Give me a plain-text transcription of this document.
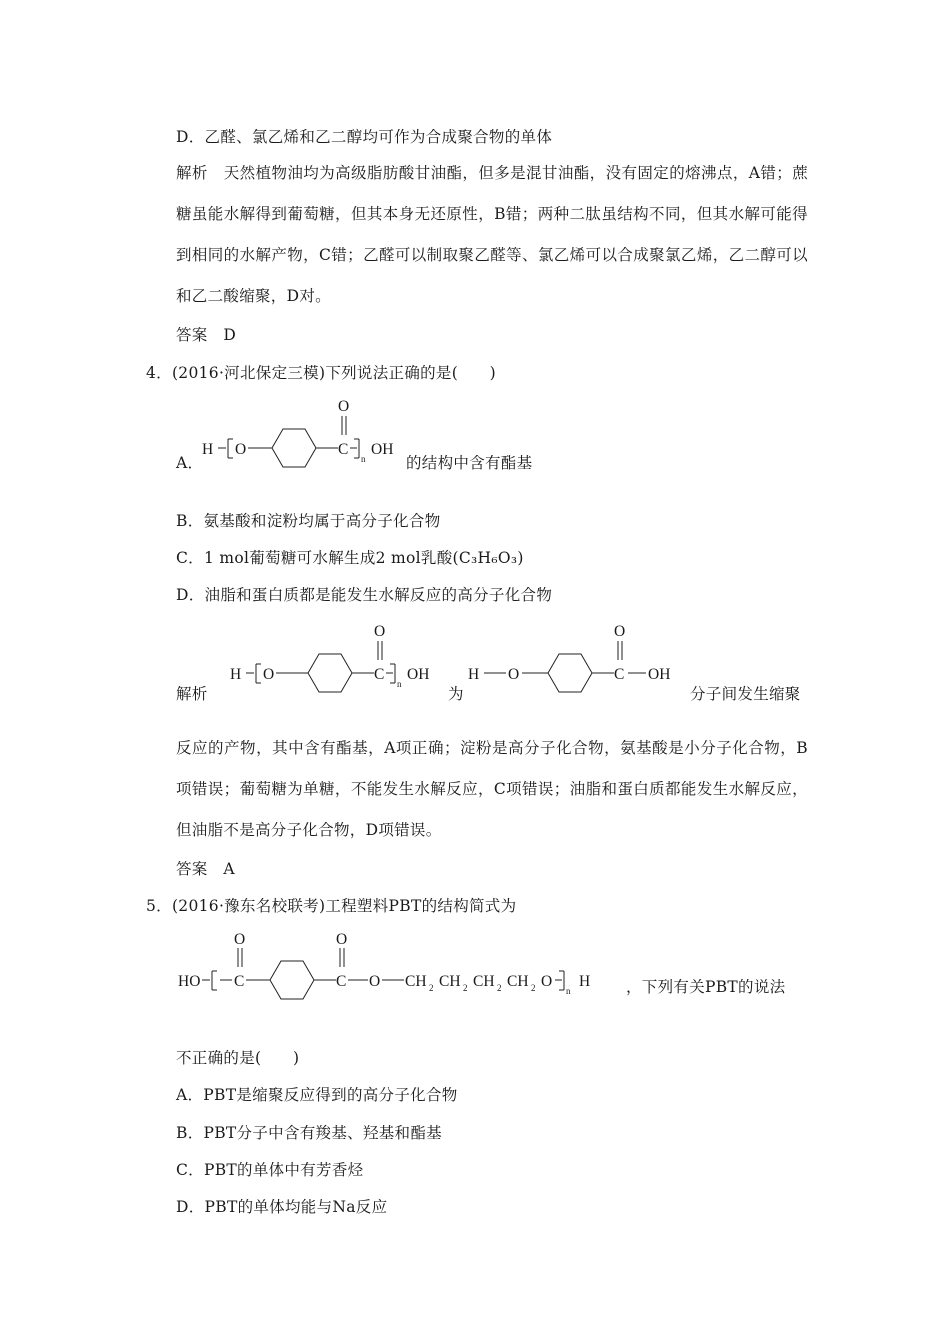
D．乙醛、氯乙烯和乙二醇均可作为合成聚合物的单体
解析　天然植物油均为高级脂肪酸甘油酯，但多是混甘油酯，没有固定的熔沸点，A错；蔗糖虽能水解得到葡萄糖，但其本身无还原性，B错；两种二肽虽结构不同，但其水解可能得到相同的水解产物，C错；乙醛可以制取聚乙醛等、氯乙烯可以合成聚氯乙烯，乙二醇可以和乙二酸缩聚，D对。
答案　D
4．(2016·河北保定三模)下列说法正确的是(　　)
A．
H O	C
O
n
OH
的结构中含有酯基
B．氨基酸和淀粉均属于高分子化合物
C．1 mol葡萄糖可水解生成2 mol乳酸(C₃H₆O₃)
D．油脂和蛋白质都是能发生水解反应的高分子化合物
解析
H O	C
O
n
OH
为
H O	C
O
OH
分子间发生缩聚
反应的产物，其中含有酯基，A项正确；淀粉是高分子化合物，氨基酸是小分子化合物，B项错误；葡萄糖为单糖，不能发生水解反应，C项错误；油脂和蛋白质都能发生水解反应，但油脂不是高分子化合物，D项错误。
答案　A
5．(2016·豫东名校联考)工程塑料PBT的结构简式为
HO C
O
C
O
O CH 2 CH 2 CH 2 CH 2 O
n
H ，下列有关PBT的说法
不正确的是(　　)
A．PBT是缩聚反应得到的高分子化合物
B．PBT分子中含有羧基、羟基和酯基
C．PBT的单体中有芳香烃
D．PBT的单体均能与Na反应
